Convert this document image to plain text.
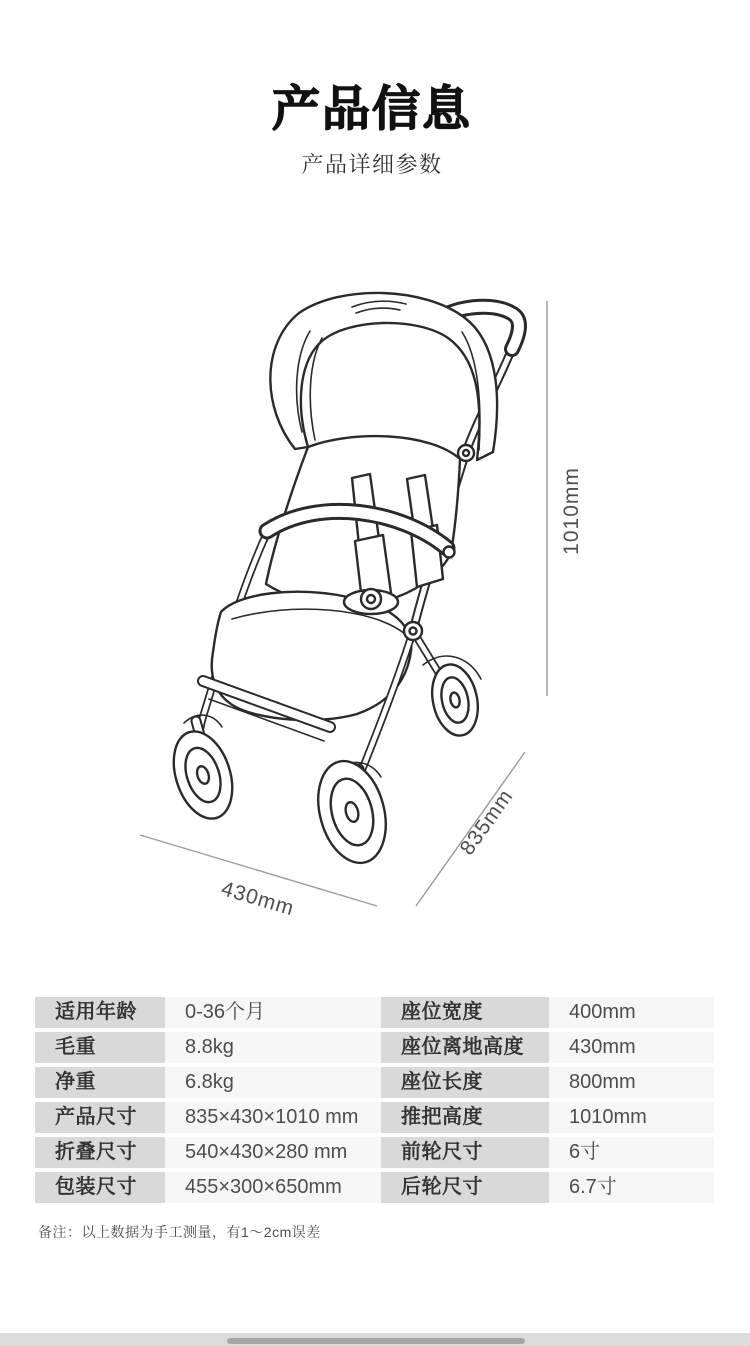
产品信息
产品详细参数
1010mm
430mm
835mm
适用年龄	0-36个月	座位宽度	400mm
毛重	8.8kg	座位离地高度	430mm
净重	6.8kg	座位长度	800mm
产品尺寸	835×430×1010 mm	推把高度	1010mm
折叠尺寸	540×430×280 mm	前轮尺寸	6寸
包装尺寸	455×300×650mm	后轮尺寸	6.7寸
备注：以上数据为手工测量，有1～2cm误差
